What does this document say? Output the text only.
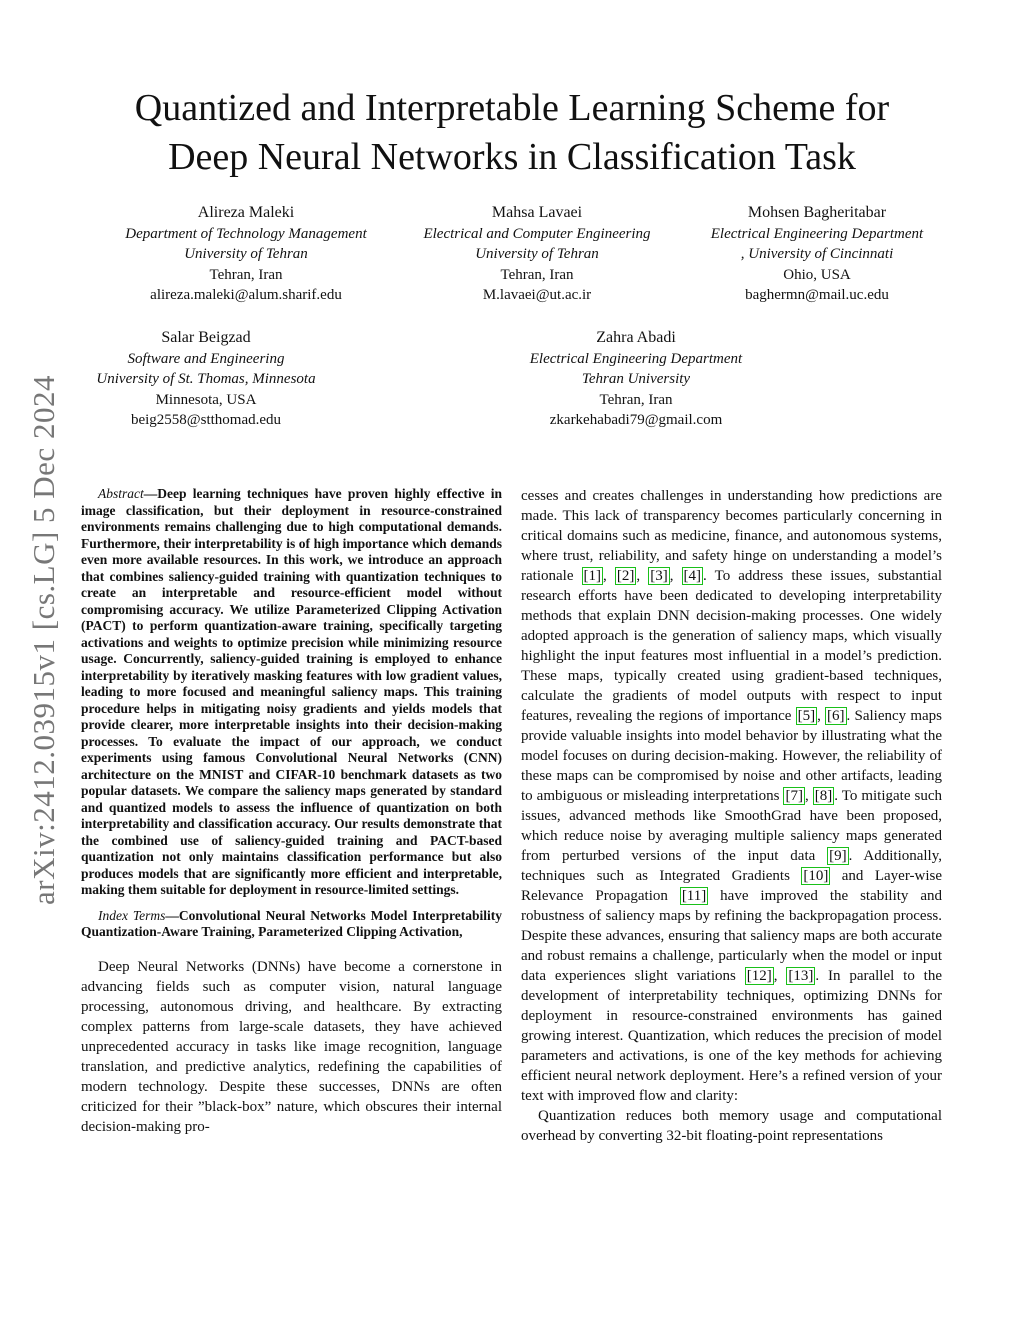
arXiv:2412.03915v1 [cs.LG] 5 Dec 2024
Quantized and Interpretable Learning Scheme for
Deep Neural Networks in Classification Task
Alireza Maleki
Department of Technology Management
University of Tehran
Tehran, Iran
alireza.maleki@alum.sharif.edu
Mahsa Lavaei
Electrical and Computer Engineering
University of Tehran
Tehran, Iran
M.lavaei@ut.ac.ir
Mohsen Bagheritabar
Electrical Engineering Department
, University of Cincinnati
Ohio, USA
baghermn@mail.uc.edu
Salar Beigzad
Software and Engineering
University of St. Thomas, Minnesota
Minnesota, USA
beig2558@stthomad.edu
Zahra Abadi
Electrical Engineering Department
Tehran University
Tehran, Iran
zkarkehabadi79@gmail.com

Abstract—Deep learning techniques have proven highly effective in image classification, but their deployment in resource-constrained environments remains challenging due to high computational demands. Furthermore, their interpretability is of high importance which demands even more available resources. In this work, we introduce an approach that combines saliency-guided training with quantization techniques to create an interpretable and resource-efficient model without compromising accuracy. We utilize Parameterized Clipping Activation (PACT) to perform quantization-aware training, specifically targeting activations and weights to optimize precision while minimizing resource usage. Concurrently, saliency-guided training is employed to enhance interpretability by iteratively masking features with low gradient values, leading to more focused and meaningful saliency maps. This training procedure helps in mitigating noisy gradients and yields models that provide clearer, more interpretable insights into their decision-making processes. To evaluate the impact of our approach, we conduct experiments using famous Convolutional Neural Networks (CNN) architecture on the MNIST and CIFAR-10 benchmark datasets as two popular datasets. We compare the saliency maps generated by standard and quantized models to assess the influence of quantization on both interpretability and classification accuracy. Our results demonstrate that the combined use of saliency-guided training and PACT-based quantization not only maintains classification performance but also produces models that are significantly more efficient and interpretable, making them suitable for deployment in resource-limited settings.

Index Terms—Convolutional Neural Networks Model Interpretability Quantization-Aware Training, Parameterized Clipping Activation,

Deep Neural Networks (DNNs) have become a cornerstone in advancing fields such as computer vision, natural language processing, autonomous driving, and healthcare. By extracting complex patterns from large-scale datasets, they have achieved unprecedented accuracy in tasks like image recognition, language translation, and predictive analytics, redefining the capabilities of modern technology. Despite these successes, DNNs are often criticized for their ”black-box” nature, which obscures their internal decision-making pro-

cesses and creates challenges in understanding how predictions are made. This lack of transparency becomes particularly concerning in critical domains such as medicine, finance, and autonomous systems, where trust, reliability, and safety hinge on understanding a model’s rationale [1] , [2] , [3] , [4] . To address these issues, substantial research efforts have been dedicated to developing interpretability methods that explain DNN decision-making processes. One widely adopted approach is the generation of saliency maps, which visually highlight the input features most influential in a model’s prediction. These maps, typically created using gradient-based techniques, calculate the gradients of model outputs with respect to input features, revealing the regions of importance [5] , [6] . Saliency maps provide valuable insights into model behavior by illustrating what the model focuses on during decision-making. However, the reliability of these maps can be compromised by noise and other artifacts, leading to ambiguous or misleading interpretations [7] , [8] . To mitigate such issues, advanced methods like SmoothGrad have been proposed, which reduce noise by averaging multiple saliency maps generated from perturbed versions of the input data [9] . Additionally, techniques such as Integrated Gradients [10] and Layer-wise Relevance Propagation [11] have improved the stability and robustness of saliency maps by refining the backpropagation process. Despite these advances, ensuring that saliency maps are both accurate and robust remains a challenge, particularly when the model or input data experiences slight variations [12] , [13] . In parallel to the development of interpretability techniques, optimizing DNNs for deployment in resource-constrained environments has gained growing interest. Quantization, which reduces the precision of model parameters and activations, is one of the key methods for achieving efficient neural network deployment. Here’s a refined version of your text with improved flow and clarity:

Quantization reduces both memory usage and computational overhead by converting 32-bit floating-point representations
